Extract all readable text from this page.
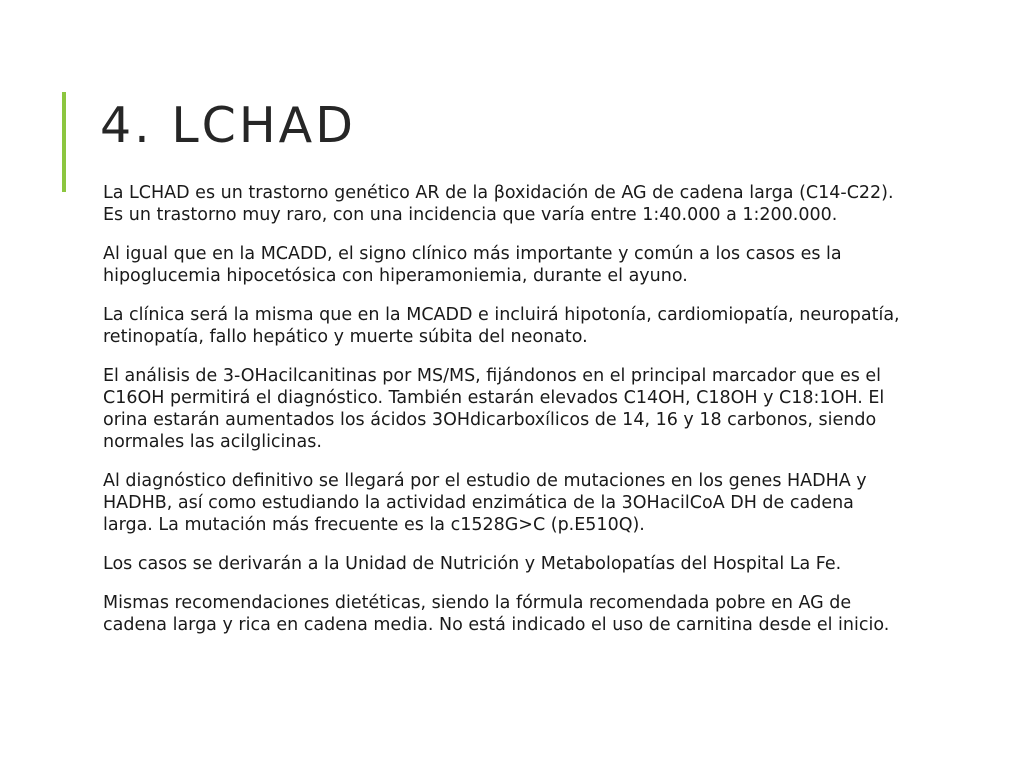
4. LCHAD

La LCHAD es un trastorno genético AR de la βoxidación de AG de cadena larga (C14-C22). Es un trastorno muy raro, con una incidencia que varía entre 1:40.000 a 1:200.000.

Al igual que en la MCADD, el signo clínico más importante y común a los casos es la hipoglucemia hipocetósica con hiperamoniemia, durante el ayuno.

La clínica será la misma que en la MCADD e incluirá hipotonía, cardiomiopatía, neuropatía, retinopatía, fallo hepático y muerte súbita del neonato.

El análisis de 3-OHacilcanitinas por MS/MS, fijándonos en el principal marcador que es el C16OH permitirá el diagnóstico. También estarán elevados C14OH, C18OH y C18:1OH. El orina estarán aumentados los ácidos 3OHdicarboxílicos de 14, 16 y 18 carbonos, siendo normales las acilglicinas.

Al diagnóstico definitivo se llegará por el estudio de mutaciones en los genes HADHA y HADHB, así como estudiando la actividad enzimática de la 3OHacilCoA DH de cadena larga. La mutación más frecuente es la c1528G>C (p.E510Q).

Los casos se derivarán a la Unidad de Nutrición y Metabolopatías del Hospital La Fe.

Mismas recomendaciones dietéticas, siendo la fórmula recomendada pobre en AG de cadena larga y rica en cadena media. No está indicado el uso de carnitina desde el inicio.
